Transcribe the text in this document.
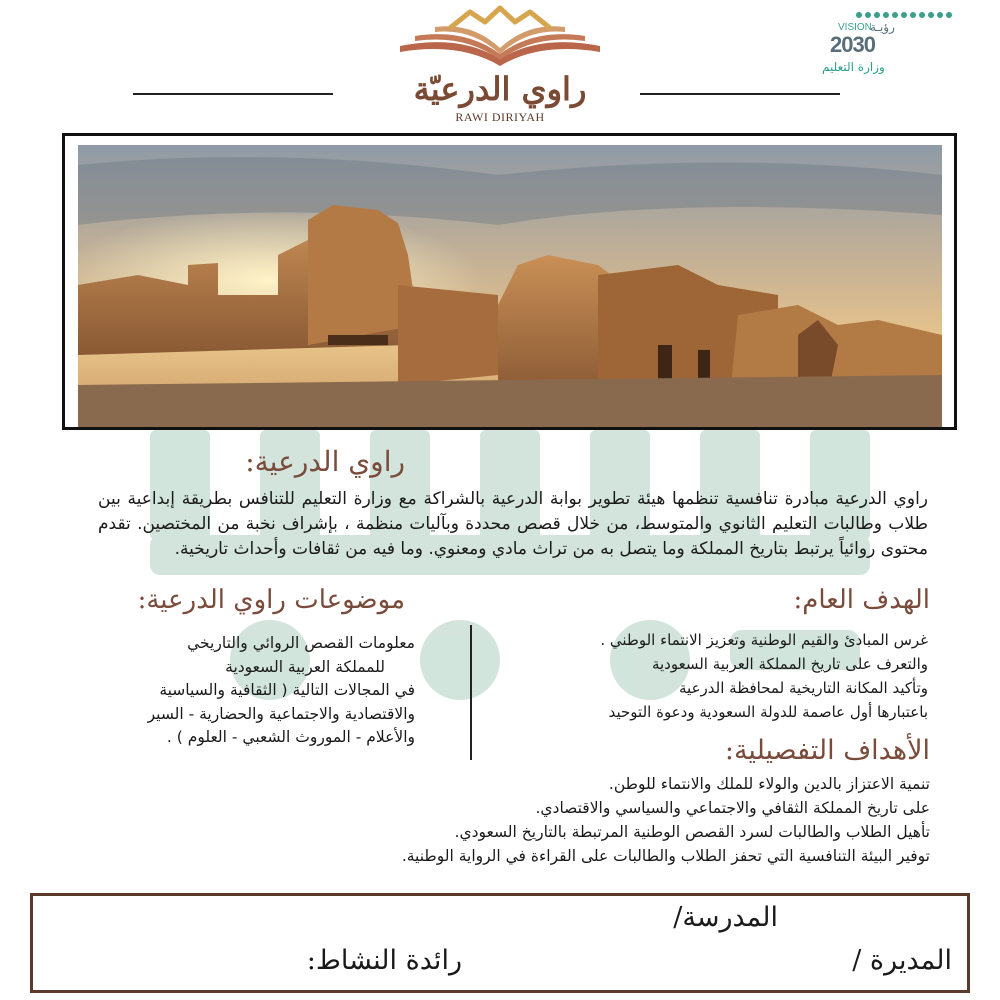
راوي الدرعيّة
RAWI DIRIYAH
VISION
رؤيـة
2030
وزارة التعليم
راوي الدرعية:
راوي الدرعية مبادرة تنافسية تنظمها هيئة تطوير بوابة الدرعية بالشراكة مع وزارة التعليم للتنافس بطريقة إبداعية بين طلاب وطالبات التعليم الثانوي والمتوسط، من خلال قصص محددة وبآليات منظمة ، بإشراف نخبة من المختصين. تقدم محتوى روائياً يرتبط بتاريخ المملكة وما يتصل به من تراث مادي ومعنوي. وما فيه من ثقافات وأحداث تاريخية.
الهدف العام:
غرس المبادئ والقيم الوطنية وتعزيز الانتماء الوطني .
والتعرف على تاريخ المملكة العربية السعودية
وتأكيد المكانة التاريخية لمحافظة الدرعية
باعتبارها أول عاصمة للدولة السعودية ودعوة التوحيد
موضوعات راوي الدرعية:
معلومات القصص الروائي والتاريخي
للمملكة العربية السعودية
في المجالات التالية ( الثقافية والسياسية
والاقتصادية والاجتماعية والحضارية - السير
والأعلام - الموروث الشعبي - العلوم ) .	الأهداف التفصيلية:
تنمية الاعتزاز بالدين والولاء للملك والانتماء للوطن.
على تاريخ المملكة الثقافي والاجتماعي والسياسي والاقتصادي.
تأهيل الطلاب والطالبات لسرد القصص الوطنية المرتبطة بالتاريخ السعودي.
توفير البيئة التنافسية التي تحفز الطلاب والطالبات على القراءة في الرواية الوطنية.
المدرسة/
المديرة /
رائدة النشاط:
